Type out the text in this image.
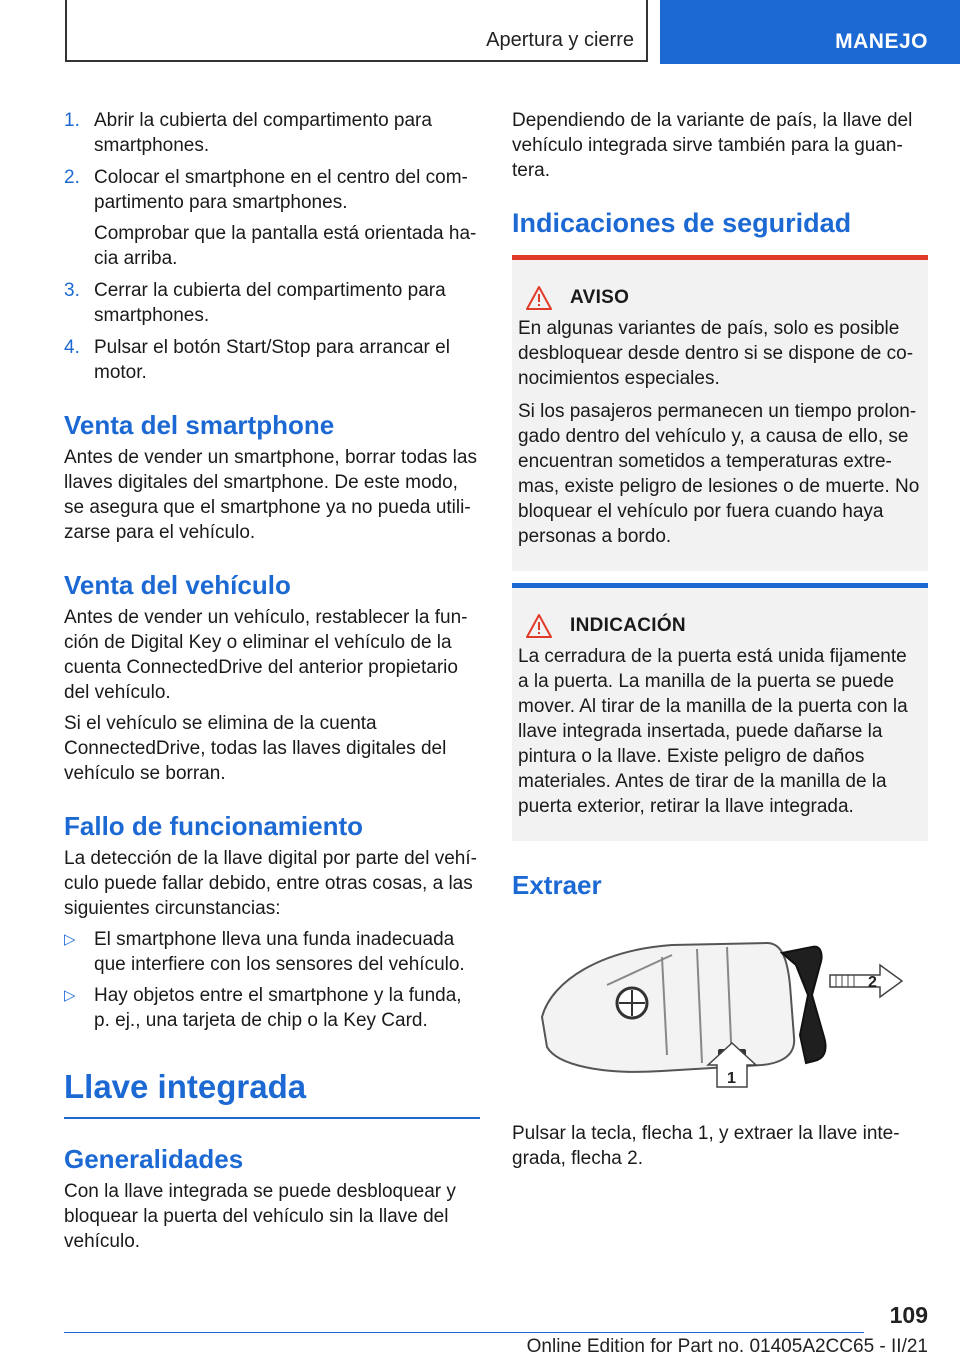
Apertura y cierre	MANEJO
1. Abrir la cubierta del compartimento para smartphones.

2. Colocar el smartphone en el centro del compartimento para smartphones.

Comprobar que la pantalla está orientada hacia arriba.

3. Cerrar la cubierta del compartimento para smartphones.

4. Pulsar el botón Start/Stop para arrancar el motor.

Venta del smartphone

Antes de vender un smartphone, borrar todas las llaves digitales del smartphone. De este modo, se asegura que el smartphone ya no pueda utilizarse para el vehículo.

Venta del vehículo

Antes de vender un vehículo, restablecer la función de Digital Key o eliminar el vehículo de la cuenta ConnectedDrive del anterior propietario del vehículo.

Si el vehículo se elimina de la cuenta ConnectedDrive, todas las llaves digitales del vehículo se borran.

Fallo de funcionamiento

La detección de la llave digital por parte del vehículo puede fallar debido, entre otras cosas, a las siguientes circunstancias:

▷ El smartphone lleva una funda inadecuada que interfiere con los sensores del vehículo.

▷ Hay objetos entre el smartphone y la funda, p. ej., una tarjeta de chip o la Key Card.

Llave integrada
Generalidades

Con la llave integrada se puede desbloquear y bloquear la puerta del vehículo sin la llave del vehículo.

Dependiendo de la variante de país, la llave del vehículo integrada sirve también para la guantera.

Indicaciones de seguridad
AVISO

En algunas variantes de país, solo es posible desbloquear desde dentro si se dispone de conocimientos especiales.

Si los pasajeros permanecen un tiempo prolongado dentro del vehículo y, a causa de ello, se encuentran sometidos a temperaturas extremas, existe peligro de lesiones o de muerte. No bloquear el vehículo por fuera cuando haya personas a bordo.

INDICACIÓN

La cerradura de la puerta está unida fijamente a la puerta. La manilla de la puerta se puede mover. Al tirar de la manilla de la puerta con la llave integrada insertada, puede dañarse la pintura o la llave. Existe peligro de daños materiales. Antes de tirar de la manilla de la puerta exterior, retirar la llave integrada.

Extraer
2
1

Pulsar la tecla, flecha 1, y extraer la llave integrada, flecha 2.

109
Online Edition for Part no. 01405A2CC65 - II/21
